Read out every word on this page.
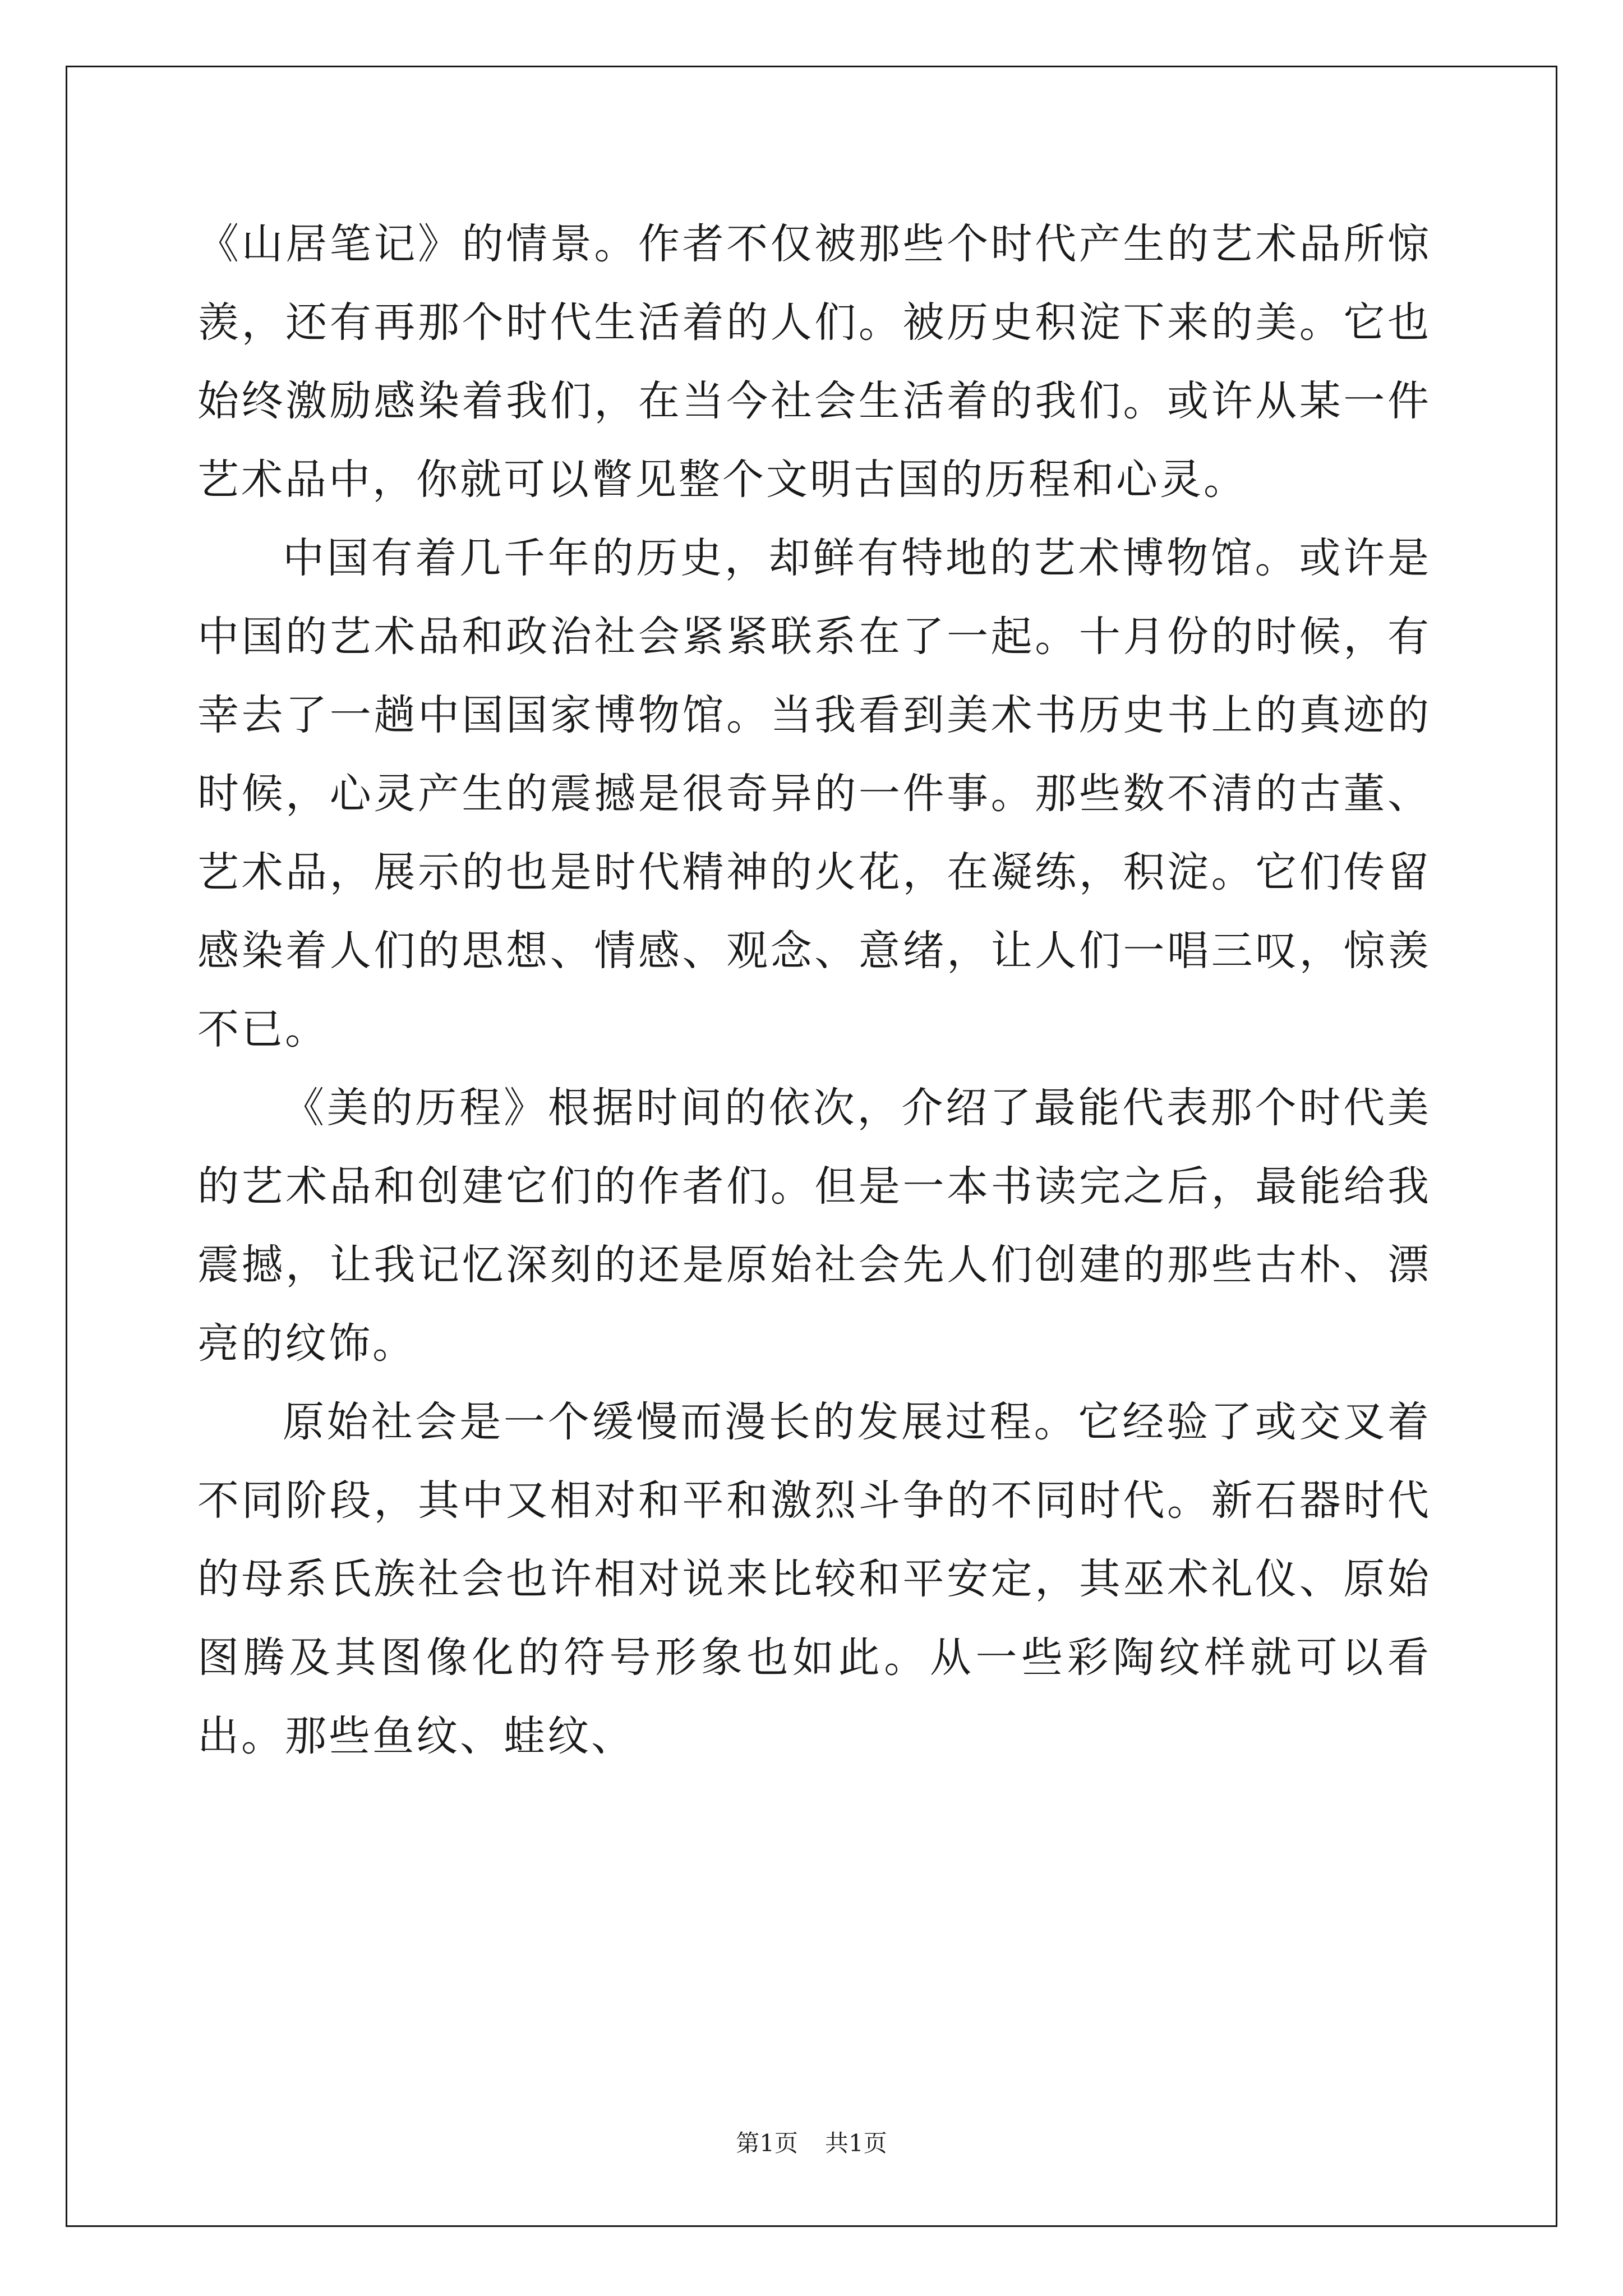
《山居笔记》的情景。作者不仅被那些个时代产生的艺术品所惊羡，还有再那个时代生活着的人们。被历史积淀下来的美。它也始终激励感染着我们，在当今社会生活着的我们。或许从某一件艺术品中，你就可以瞥见整个文明古国的历程和心灵。

中国有着几千年的历史，却鲜有特地的艺术博物馆。或许是中国的艺术品和政治社会紧紧联系在了一起。十月份的时候，有幸去了一趟中国国家博物馆。当我看到美术书历史书上的真迹的时候，心灵产生的震撼是很奇异的一件事。那些数不清的古董、艺术品，展示的也是时代精神的火花，在凝练，积淀。它们传留感染着人们的思想、情感、观念、意绪，让人们一唱三叹，惊羡不已。

《美的历程》根据时间的依次，介绍了最能代表那个时代美的艺术品和创建它们的作者们。但是一本书读完之后，最能给我震撼，让我记忆深刻的还是原始社会先人们创建的那些古朴、漂亮的纹饰。

原始社会是一个缓慢而漫长的发展过程。它经验了或交叉着不同阶段，其中又相对和平和激烈斗争的不同时代。新石器时代的母系氏族社会也许相对说来比较和平安定，其巫术礼仪、原始图腾及其图像化的符号形象也如此。从一些彩陶纹样就可以看出。那些鱼纹、蛙纹、

第1页 共1页
